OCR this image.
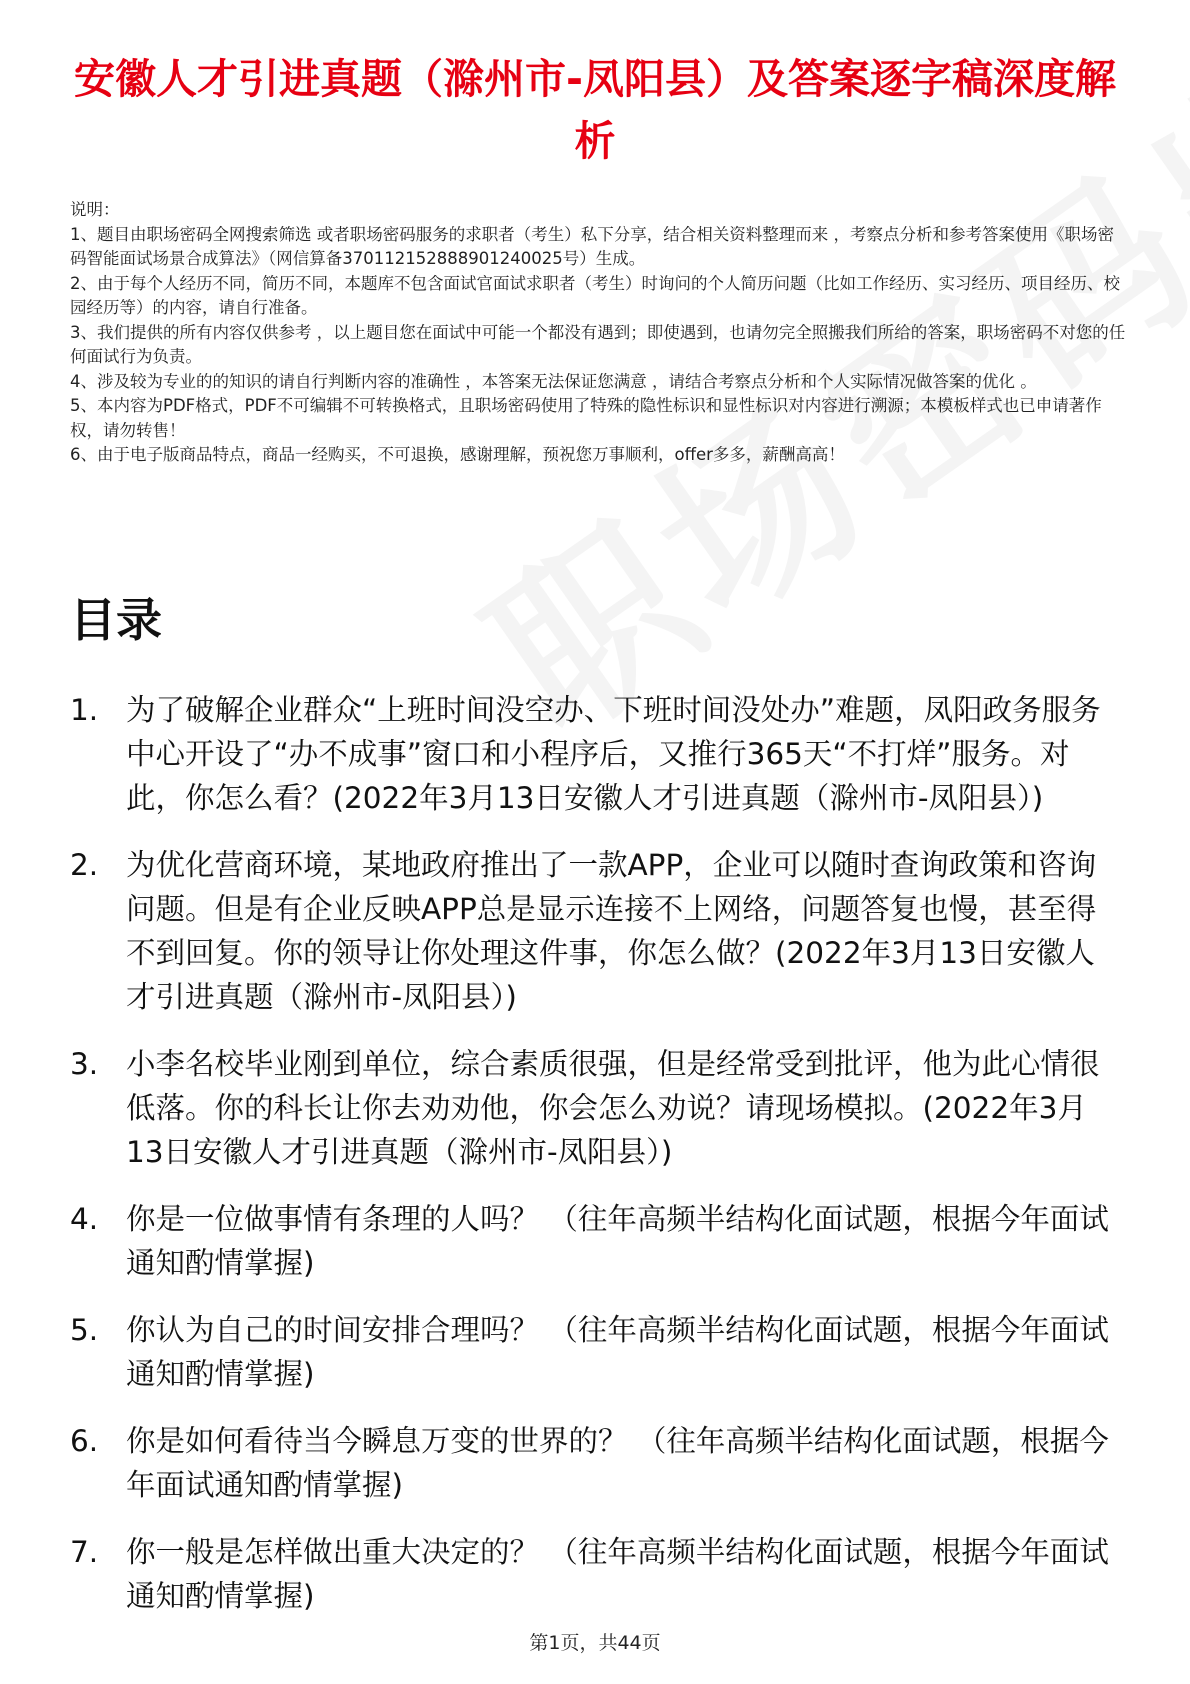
安徽人才引进真题（滁州市-凤阳县）及答案逐字稿深度解析

说明：

1、题目由职场密码全网搜索筛选 或者职场密码服务的求职者（考生）私下分享，结合相关资料整理而来 ，考察点分析和参考答案使用《职场密码智能面试场景合成算法》（网信算备370112152888901240025号）生成。

2、由于每个人经历不同，简历不同，本题库不包含面试官面试求职者（考生）时询问的个人简历问题（比如工作经历、实习经历、项目经历、校园经历等）的内容，请自行准备。

3、我们提供的所有内容仅供参考 ，以上题目您在面试中可能一个都没有遇到；即使遇到，也请勿完全照搬我们所给的答案，职场密码不对您的任何面试行为负责。

4、涉及较为专业的的知识的请自行判断内容的准确性 ，本答案无法保证您满意 ，请结合考察点分析和个人实际情况做答案的优化 。

5、本内容为PDF格式，PDF不可编辑不可转换格式，且职场密码使用了特殊的隐性标识和显性标识对内容进行溯源；本模板样式也已申请著作权，请勿转售！

6、由于电子版商品特点，商品一经购买，不可退换，感谢理解，预祝您万事顺利，offer多多，薪酬高高！

目录
1. 为了破解企业群众“上班时间没空办、下班时间没处办”难题，凤阳政务服务中心开设了“办不成事”窗口和小程序后，又推行365天“不打烊”服务。对此，你怎么看？(2022年3月13日安徽人才引进真题（滁州市-凤阳县）)
2. 为优化营商环境，某地政府推出了一款APP，企业可以随时查询政策和咨询问题。但是有企业反映APP总是显示连接不上网络，问题答复也慢，甚至得不到回复。你的领导让你处理这件事，你怎么做？(2022年3月13日安徽人才引进真题（滁州市-凤阳县）)
3. 小李名校毕业刚到单位，综合素质很强，但是经常受到批评，他为此心情很低落。你的科长让你去劝劝他，你会怎么劝说？请现场模拟。(2022年3月13日安徽人才引进真题（滁州市-凤阳县）)
4. 你是一位做事情有条理的人吗？ （往年高频半结构化面试题，根据今年面试通知酌情掌握)
5. 你认为自己的时间安排合理吗？ （往年高频半结构化面试题，根据今年面试通知酌情掌握)
6. 你是如何看待当今瞬息万变的世界的？ （往年高频半结构化面试题，根据今年面试通知酌情掌握)
7. 你一般是怎样做出重大决定的？ （往年高频半结构化面试题，根据今年面试通知酌情掌握)
第1页，共44页
